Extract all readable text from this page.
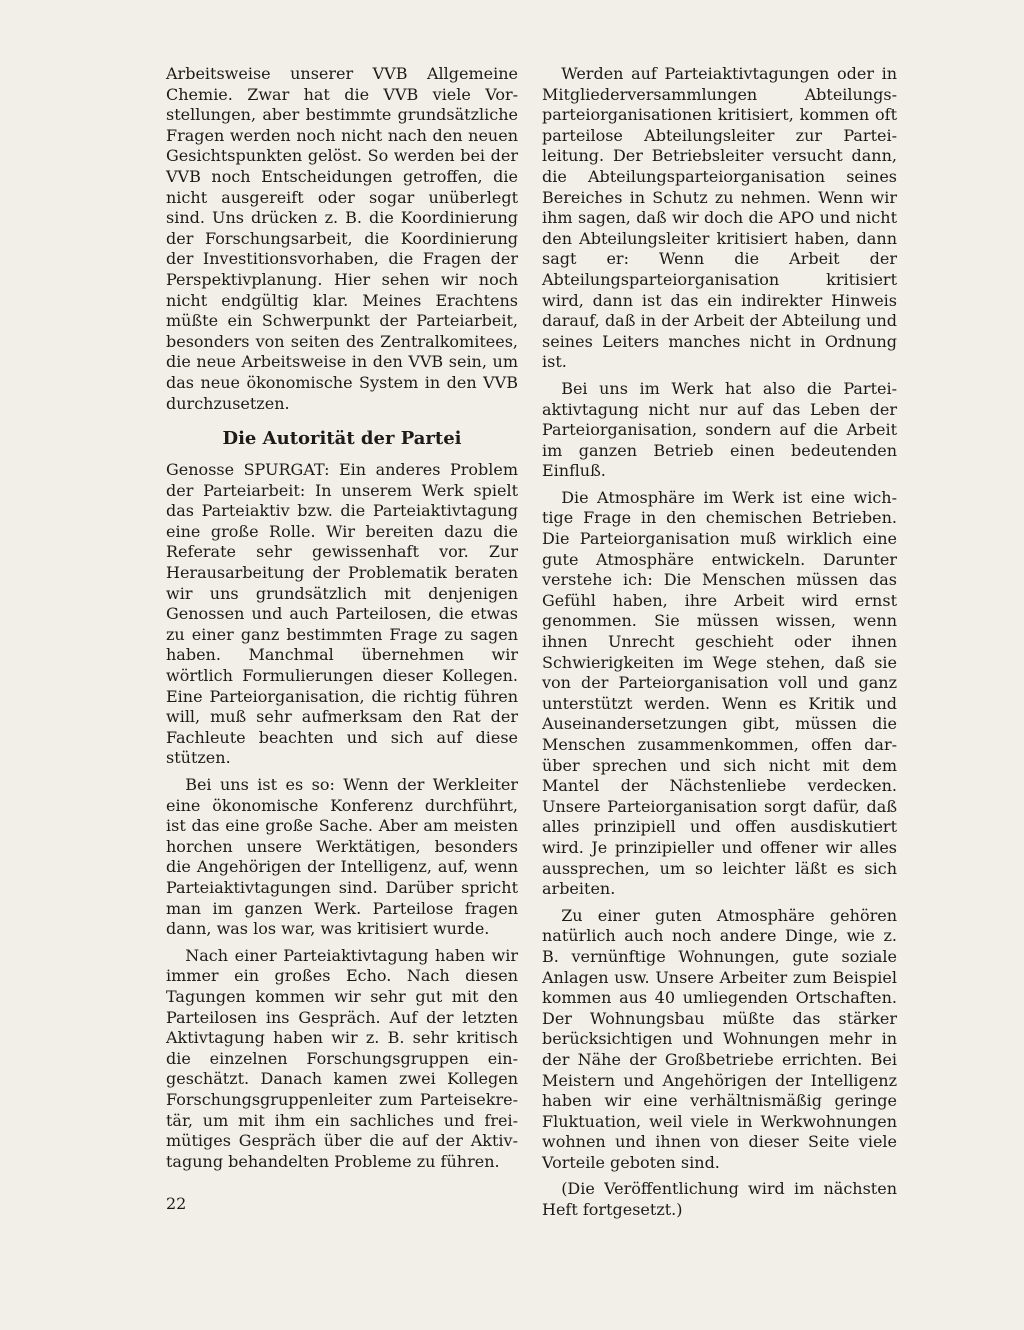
Arbeitsweise unserer VVB Allgemeine Chemie. Zwar hat die VVB viele Vorstellungen, aber bestimmte grundsätzliche Fragen werden noch nicht nach den neuen Gesichtspunkten gelöst. So werden bei der VVB noch Entscheidungen getroffen, die nicht ausgereift oder sogar unüberlegt sind. Uns drücken z. B. die Koordinierung der Forschungsarbeit, die Koordinierung der Investitionsvorhaben, die Fragen der Perspektivplanung. Hier sehen wir noch nicht endgültig klar. Meines Erachtens müßte ein Schwerpunkt der Parteiarbeit, besonders von seiten des Zentralkomitees, die neue Arbeitsweise in den VVB sein, um das neue ökonomische System in den VVB durchzusetzen.

Die Autorität der Partei

Genosse SPURGAT: Ein anderes Problem der Parteiarbeit: In unserem Werk spielt das Parteiaktiv bzw. die Parteiaktivtagung eine große Rolle. Wir bereiten dazu die Referate sehr gewissenhaft vor. Zur Herausarbeitung der Problematik beraten wir uns grundsätzlich mit denjenigen Genossen und auch Parteilosen, die etwas zu einer ganz bestimmten Frage zu sagen haben. Manchmal übernehmen wir wörtlich Formulierungen dieser Kollegen. Eine Parteiorganisation, die richtig führen will, muß sehr aufmerksam den Rat der Fachleute beachten und sich auf diese stützen.

Bei uns ist es so: Wenn der Werkleiter eine ökonomische Konferenz durchführt, ist das eine große Sache. Aber am meisten horchen unsere Werktätigen, besonders die Angehörigen der Intelligenz, auf, wenn Parteiaktivtagungen sind. Darüber spricht man im ganzen Werk. Parteilose fragen dann, was los war, was kritisiert wurde.

Nach einer Parteiaktivtagung haben wir immer ein großes Echo. Nach diesen Tagungen kommen wir sehr gut mit den Parteilosen ins Gespräch. Auf der letzten Aktivtagung haben wir z. B. sehr kritisch die einzelnen Forschungsgruppen eingeschätzt. Danach kamen zwei Kollegen Forschungsgruppenleiter zum Parteisekretär, um mit ihm ein sachliches und freimütiges Gespräch über die auf der Aktivtagung behandelten Probleme zu führen.

Werden auf Parteiaktivtagungen oder in Mitgliederversammlungen Abteilungsparteiorganisationen kritisiert, kommen oft parteilose Abteilungsleiter zur Parteileitung. Der Betriebsleiter versucht dann, die Abteilungsparteiorganisation seines Bereiches in Schutz zu nehmen. Wenn wir ihm sagen, daß wir doch die APO und nicht den Abteilungsleiter kritisiert haben, dann sagt er: Wenn die Arbeit der Abteilungsparteiorganisation kritisiert wird, dann ist das ein indirekter Hinweis darauf, daß in der Arbeit der Abteilung und seines Leiters manches nicht in Ordnung ist.

Bei uns im Werk hat also die Parteiaktivtagung nicht nur auf das Leben der Parteiorganisation, sondern auf die Arbeit im ganzen Betrieb einen bedeutenden Einfluß.

Die Atmosphäre im Werk ist eine wichtige Frage in den chemischen Betrieben. Die Parteiorganisation muß wirklich eine gute Atmosphäre entwickeln. Darunter verstehe ich: Die Menschen müssen das Gefühl haben, ihre Arbeit wird ernst genommen. Sie müssen wissen, wenn ihnen Unrecht geschieht oder ihnen Schwierigkeiten im Wege stehen, daß sie von der Parteiorganisation voll und ganz unterstützt werden. Wenn es Kritik und Auseinandersetzungen gibt, müssen die Menschen zusammenkommen, offen darüber sprechen und sich nicht mit dem Mantel der Nächstenliebe verdecken. Unsere Parteiorganisation sorgt dafür, daß alles prinzipiell und offen ausdiskutiert wird. Je prinzipieller und offener wir alles aussprechen, um so leichter läßt es sich arbeiten.

Zu einer guten Atmosphäre gehören natürlich auch noch andere Dinge, wie z. B. vernünftige Wohnungen, gute soziale Anlagen usw. Unsere Arbeiter zum Beispiel kommen aus 40 umliegenden Ortschaften. Der Wohnungsbau müßte das stärker berücksichtigen und Wohnungen mehr in der Nähe der Großbetriebe errichten. Bei Meistern und Angehörigen der Intelligenz haben wir eine verhältnismäßig geringe Fluktuation, weil viele in Werkwohnungen wohnen und ihnen von dieser Seite viele Vorteile geboten sind.

(Die Veröffentlichung wird im nächsten Heft fortgesetzt.)

22
